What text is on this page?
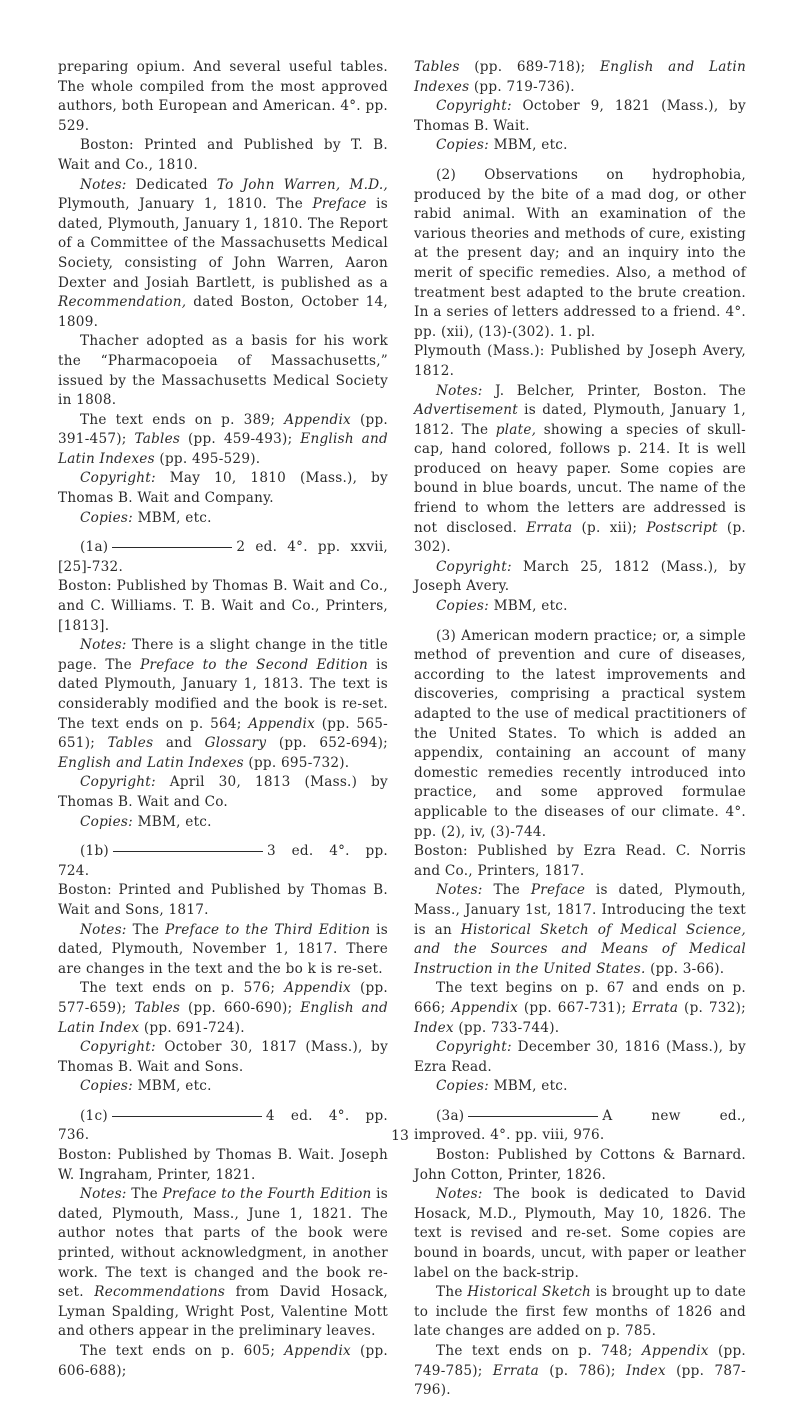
preparing opium. And several useful tables. The whole compiled from the most approved authors, both European and American. 4°. pp. 529.

Boston: Printed and Published by T. B. Wait and Co., 1810.

Notes: Dedicated To John Warren, M.D., Plymouth, January 1, 1810. The Preface is dated, Plymouth, January 1, 1810. The Report of a Committee of the Massachusetts Medical Society, consisting of John Warren, Aaron Dexter and Josiah Bartlett, is published as a Recommendation, dated Boston, October 14, 1809.

Thacher adopted as a basis for his work the “Pharmacopoeia of Massachusetts,” issued by the Massachusetts Medical Society in 1808.

The text ends on p. 389; Appendix (pp. 391-457); Tables (pp. 459-493); English and Latin Indexes (pp. 495-529).

Copyright: May 10, 1810 (Mass.), by Thomas B. Wait and Company.

Copies: MBM, etc.

(1a)	2 ed. 4°. pp. xxvii, [25]-732.

Boston: Published by Thomas B. Wait and Co., and C. Williams. T. B. Wait and Co., Printers, [1813].

Notes: There is a slight change in the title page. The Preface to the Second Edition is dated Plymouth, January 1, 1813. The text is considerably modified and the book is re-set. The text ends on p. 564; Appendix (pp. 565-651); Tables and Glossary (pp. 652-694); English and Latin Indexes (pp. 695-732).

Copyright: April 30, 1813 (Mass.) by Thomas B. Wait and Co.

Copies: MBM, etc.

(1b)	3 ed. 4°. pp. 724.

Boston: Printed and Published by Thomas B. Wait and Sons, 1817.

Notes: The Preface to the Third Edition is dated, Plymouth, November 1, 1817. There are changes in the text and the bo k is re-set.

The text ends on p. 576; Appendix (pp. 577-659); Tables (pp. 660-690); English and Latin Index (pp. 691-724).

Copyright: October 30, 1817 (Mass.), by Thomas B. Wait and Sons.

Copies: MBM, etc.

(1c)	4 ed. 4°. pp. 736.

Boston: Published by Thomas B. Wait. Joseph W. Ingraham, Printer, 1821.

Notes: The Preface to the Fourth Edition is dated, Plymouth, Mass., June 1, 1821. The author notes that parts of the book were printed, without acknowledgment, in another work. The text is changed and the book re-set. Recommendations from David Hosack, Lyman Spalding, Wright Post, Valentine Mott and others appear in the preliminary leaves.

The text ends on p. 605; Appendix (pp. 606-688);

Tables (pp. 689-718); English and Latin Indexes (pp. 719-736).

Copyright: October 9, 1821 (Mass.), by Thomas B. Wait.

Copies: MBM, etc.

(2) Observations on hydrophobia, produced by the bite of a mad dog, or other rabid animal. With an examination of the various theories and methods of cure, existing at the present day; and an inquiry into the merit of specific remedies. Also, a method of treatment best adapted to the brute creation. In a series of letters addressed to a friend. 4°. pp. (xii), (13)-(302). 1. pl.

Plymouth (Mass.): Published by Joseph Avery, 1812.

Notes: J. Belcher, Printer, Boston. The Advertisement is dated, Plymouth, January 1, 1812. The plate, showing a species of skull-cap, hand colored, follows p. 214. It is well produced on heavy paper. Some copies are bound in blue boards, uncut. The name of the friend to whom the letters are addressed is not disclosed. Errata (p. xii); Postscript (p. 302).

Copyright: March 25, 1812 (Mass.), by Joseph Avery.

Copies: MBM, etc.

(3) American modern practice; or, a simple method of prevention and cure of diseases, according to the latest improvements and discoveries, comprising a practical system adapted to the use of medical practitioners of the United States. To which is added an appendix, containing an account of many domestic remedies recently introduced into practice, and some approved formulae applicable to the diseases of our climate. 4°. pp. (2), iv, (3)-744.

Boston: Published by Ezra Read. C. Norris and Co., Printers, 1817.

Notes: The Preface is dated, Plymouth, Mass., January 1st, 1817. Introducing the text is an Historical Sketch of Medical Science, and the Sources and Means of Medical Instruction in the United States. (pp. 3-66).

The text begins on p. 67 and ends on p. 666; Appendix (pp. 667-731); Errata (p. 732); Index (pp. 733-744).

Copyright: December 30, 1816 (Mass.), by Ezra Read.

Copies: MBM, etc.

(3a)	A new ed., improved. 4°. pp. viii, 976.

Boston: Published by Cottons & Barnard. John Cotton, Printer, 1826.

Notes: The book is dedicated to David Hosack, M.D., Plymouth, May 10, 1826. The text is revised and re-set. Some copies are bound in boards, uncut, with paper or leather label on the back-strip.

The Historical Sketch is brought up to date to include the first few months of 1826 and late changes are added on p. 785.

The text ends on p. 748; Appendix (pp. 749-785); Errata (p. 786); Index (pp. 787-796).

13
